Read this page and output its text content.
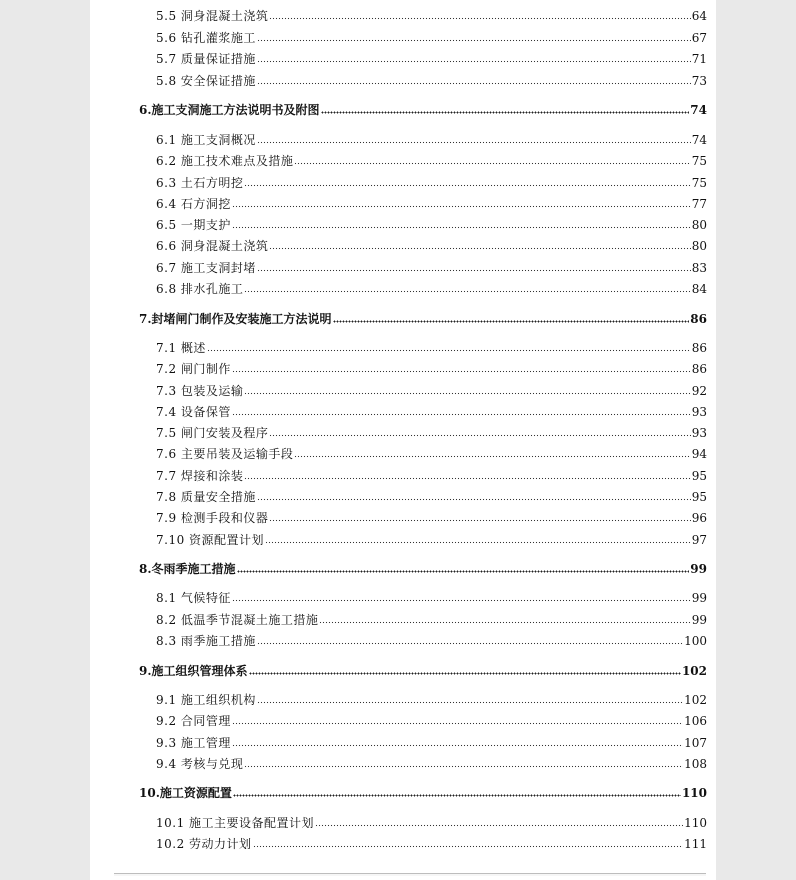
5.5 洞身混凝土浇筑	64
5.6 钻孔灌浆施工	67
5.7 质量保证措施	71
5.8 安全保证措施	73
6.施工支洞施工方法说明书及附图	74
6.1 施工支洞概况	74
6.2 施工技术难点及措施	75
6.3 土石方明挖	75
6.4 石方洞挖	77
6.5 一期支护	80
6.6 洞身混凝土浇筑	80
6.7 施工支洞封堵	83
6.8 排水孔施工	84
7.封堵闸门制作及安装施工方法说明	86
7.1 概述	86
7.2 闸门制作	86
7.3 包装及运输	92
7.4 设备保管	93
7.5 闸门安装及程序	93
7.6 主要吊装及运输手段	94
7.7 焊接和涂装	95
7.8 质量安全措施	95
7.9 检测手段和仪器	96
7.10 资源配置计划	97
8.冬雨季施工措施	99
8.1 气候特征	99
8.2 低温季节混凝土施工措施	99
8.3 雨季施工措施	100
9.施工组织管理体系	102
9.1 施工组织机构	102
9.2 合同管理	106
9.3 施工管理	107
9.4 考核与兑现	108
10.施工资源配置	110
10.1 施工主要设备配置计划	110
10.2 劳动力计划	111
